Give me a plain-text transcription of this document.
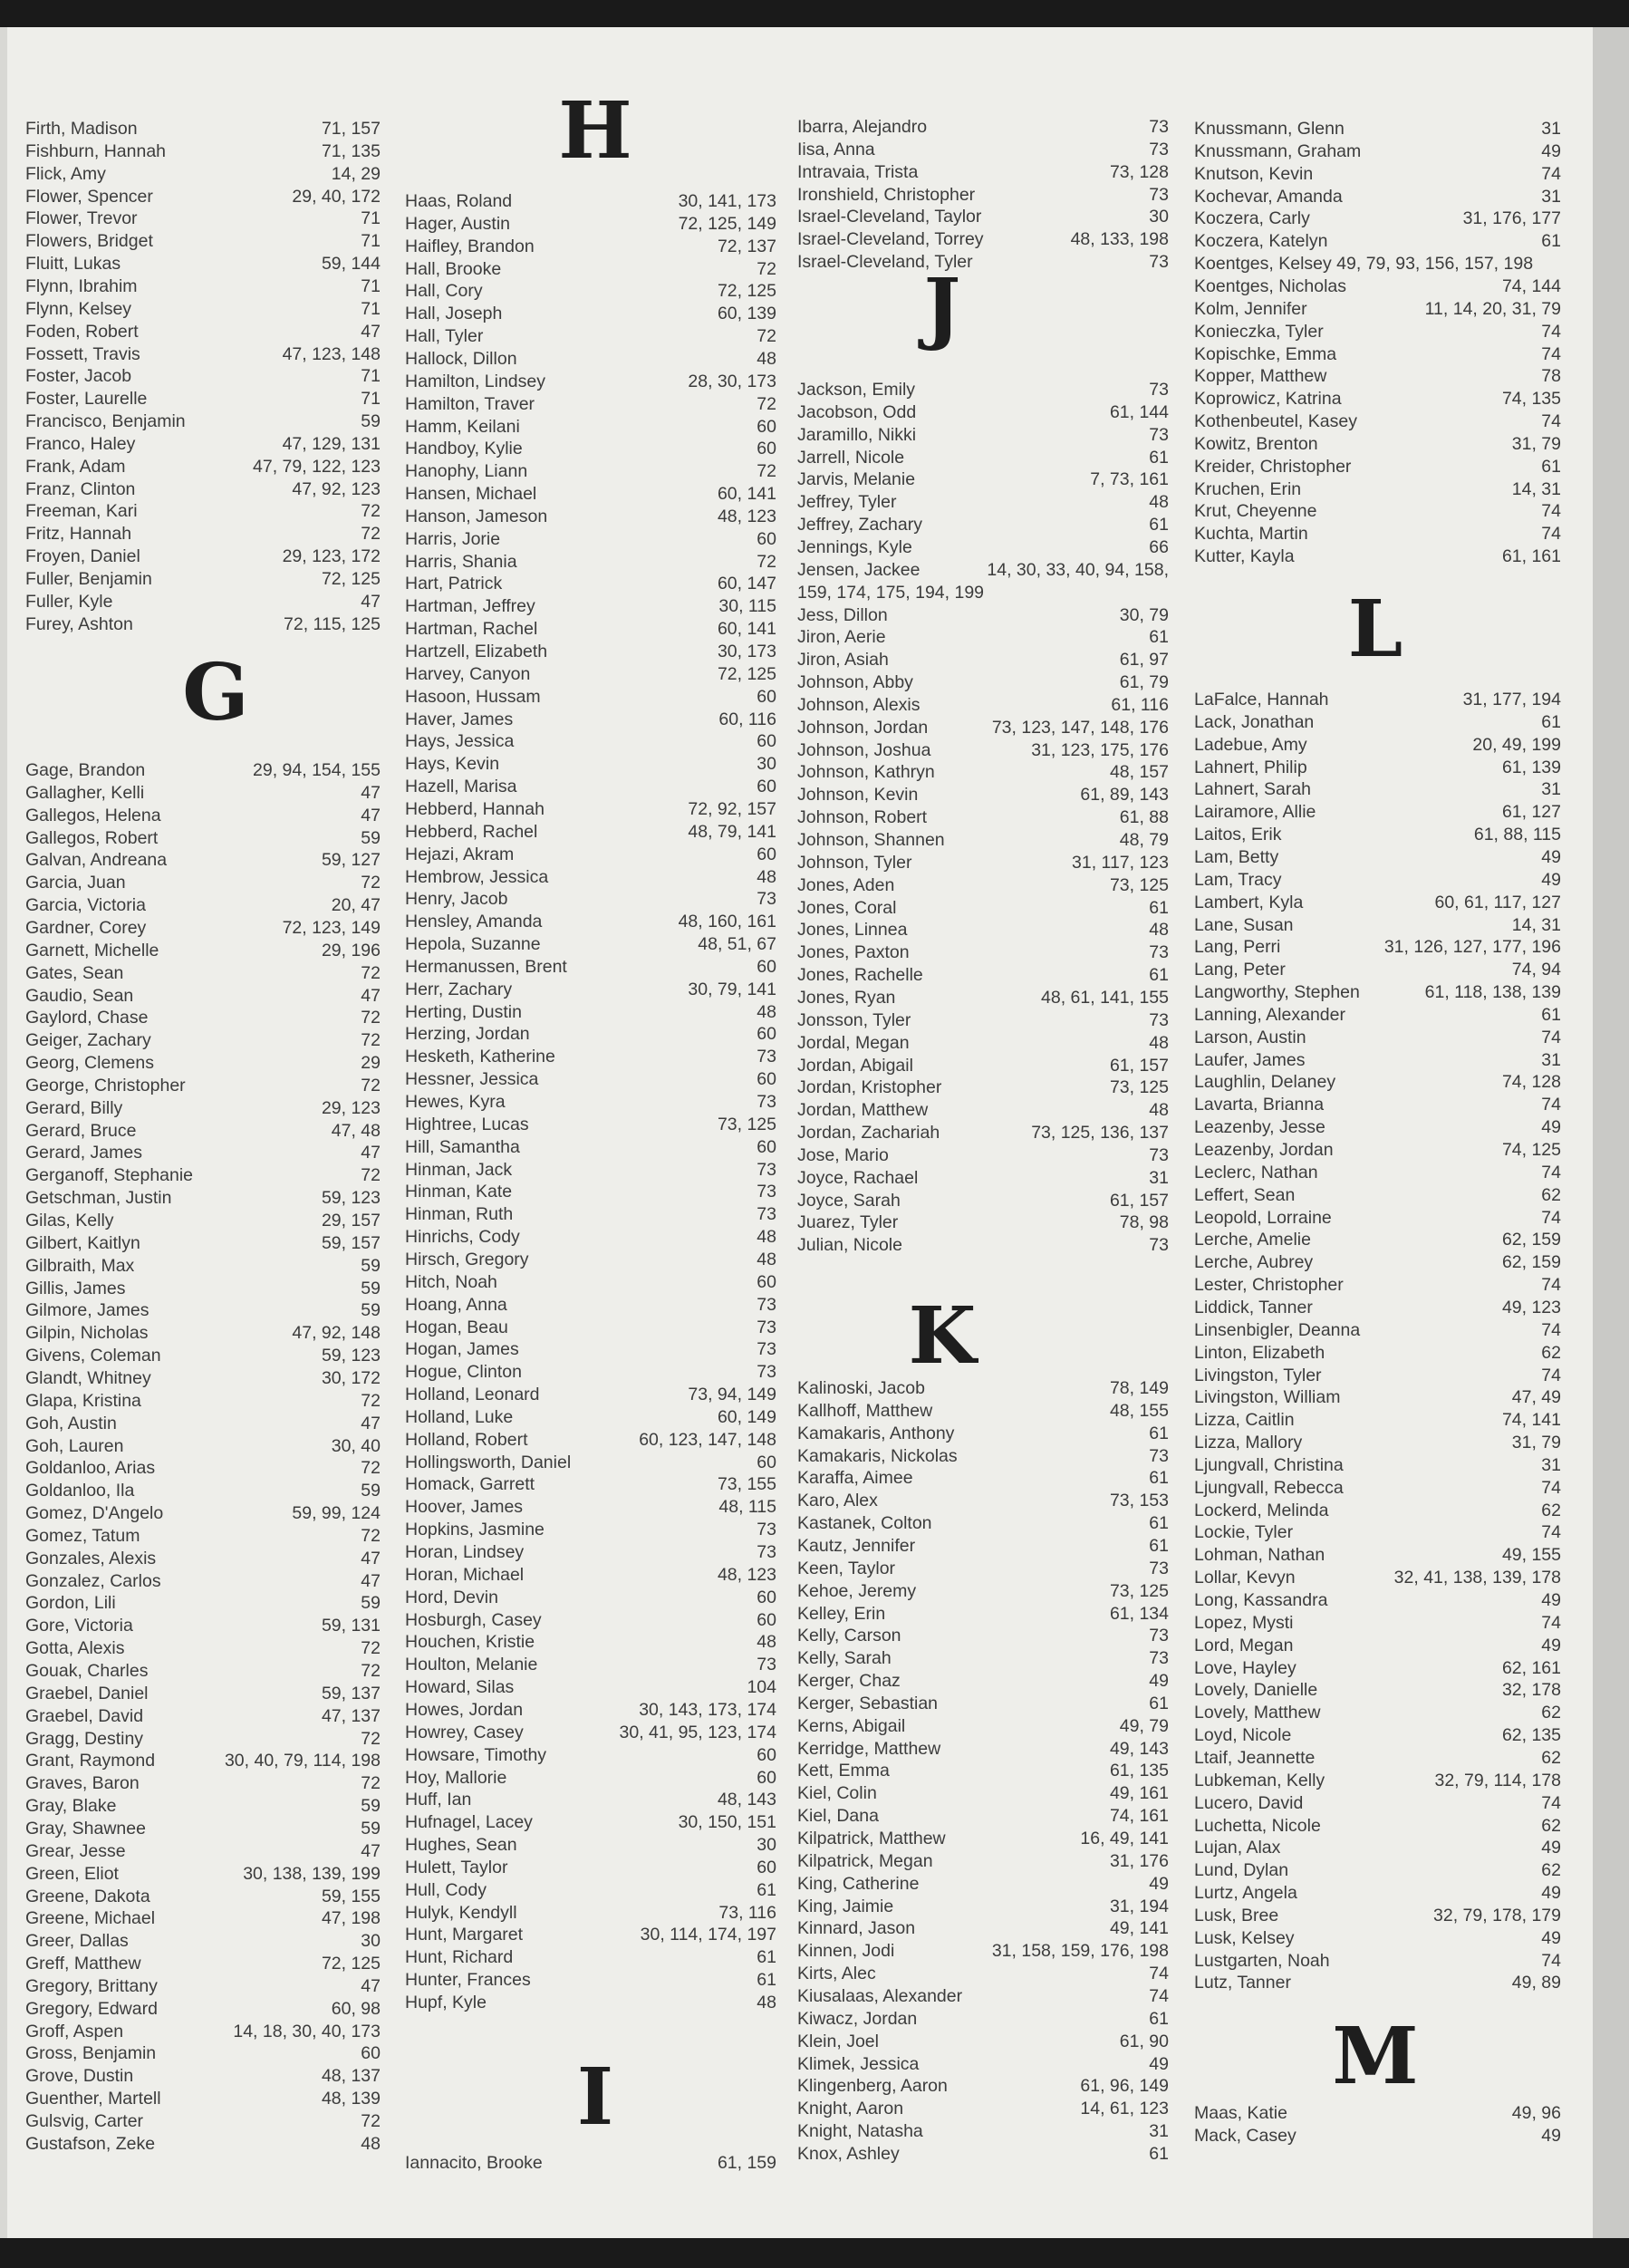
Firth, Madison	71, 157
Fishburn, Hannah	71, 135
Flick, Amy	14, 29
Flower, Spencer	29, 40, 172
Flower, Trevor	71
Flowers, Bridget	71
Fluitt, Lukas	59, 144
Flynn, Ibrahim	71
Flynn, Kelsey	71
Foden, Robert	47
Fossett, Travis	47, 123, 148
Foster, Jacob	71
Foster, Laurelle	71
Francisco, Benjamin	59
Franco, Haley	47, 129, 131
Frank, Adam	47, 79, 122, 123
Franz, Clinton	47, 92, 123
Freeman, Kari	72
Fritz, Hannah	72
Froyen, Daniel	29, 123, 172
Fuller, Benjamin	72, 125
Fuller, Kyle	47
Furey, Ashton	72, 115, 125
G
Gage, Brandon	29, 94, 154, 155
Gallagher, Kelli	47
Gallegos, Helena	47
Gallegos, Robert	59
Galvan, Andreana	59, 127
Garcia, Juan	72
Garcia, Victoria	20, 47
Gardner, Corey	72, 123, 149
Garnett, Michelle	29, 196
Gates, Sean	72
Gaudio, Sean	47
Gaylord, Chase	72
Geiger, Zachary	72
Georg, Clemens	29
George, Christopher	72
Gerard, Billy	29, 123
Gerard, Bruce	47, 48
Gerard, James	47
Gerganoff, Stephanie	72
Getschman, Justin	59, 123
Gilas, Kelly	29, 157
Gilbert, Kaitlyn	59, 157
Gilbraith, Max	59
Gillis, James	59
Gilmore, James	59
Gilpin, Nicholas	47, 92, 148
Givens, Coleman	59, 123
Glandt, Whitney	30, 172
Glapa, Kristina	72
Goh, Austin	47
Goh, Lauren	30, 40
Goldanloo, Arias	72
Goldanloo, Ila	59
Gomez, D'Angelo	59, 99, 124
Gomez, Tatum	72
Gonzales, Alexis	47
Gonzalez, Carlos	47
Gordon, Lili	59
Gore, Victoria	59, 131
Gotta, Alexis	72
Gouak, Charles	72
Graebel, Daniel	59, 137
Graebel, David	47, 137
Gragg, Destiny	72
Grant, Raymond	30, 40, 79, 114, 198
Graves, Baron	72
Gray, Blake	59
Gray, Shawnee	59
Grear, Jesse	47
Green, Eliot	30, 138, 139, 199
Greene, Dakota	59, 155
Greene, Michael	47, 198
Greer, Dallas	30
Greff, Matthew	72, 125
Gregory, Brittany	47
Gregory, Edward	60, 98
Groff, Aspen	14, 18, 30, 40, 173
Gross, Benjamin	60
Grove, Dustin	48, 137
Guenther, Martell	48, 139
Gulsvig, Carter	72
Gustafson, Zeke	48
H
Haas, Roland	30, 141, 173
Hager, Austin	72, 125, 149
Haifley, Brandon	72, 137
Hall, Brooke	72
Hall, Cory	72, 125
Hall, Joseph	60, 139
Hall, Tyler	72
Hallock, Dillon	48
Hamilton, Lindsey	28, 30, 173
Hamilton, Traver	72
Hamm, Keilani	60
Handboy, Kylie	60
Hanophy, Liann	72
Hansen, Michael	60, 141
Hanson, Jameson	48, 123
Harris, Jorie	60
Harris, Shania	72
Hart, Patrick	60, 147
Hartman, Jeffrey	30, 115
Hartman, Rachel	60, 141
Hartzell, Elizabeth	30, 173
Harvey, Canyon	72, 125
Hasoon, Hussam	60
Haver, James	60, 116
Hays, Jessica	60
Hays, Kevin	30
Hazell, Marisa	60
Hebberd, Hannah	72, 92, 157
Hebberd, Rachel	48, 79, 141
Hejazi, Akram	60
Hembrow, Jessica	48
Henry, Jacob	73
Hensley, Amanda	48, 160, 161
Hepola, Suzanne	48, 51, 67
Hermanussen, Brent	60
Herr, Zachary	30, 79, 141
Herting, Dustin	48
Herzing, Jordan	60
Hesketh, Katherine	73
Hessner, Jessica	60
Hewes, Kyra	73
Hightree, Lucas	73, 125
Hill, Samantha	60
Hinman, Jack	73
Hinman, Kate	73
Hinman, Ruth	73
Hinrichs, Cody	48
Hirsch, Gregory	48
Hitch, Noah	60
Hoang, Anna	73
Hogan, Beau	73
Hogan, James	73
Hogue, Clinton	73
Holland, Leonard	73, 94, 149
Holland, Luke	60, 149
Holland, Robert	60, 123, 147, 148
Hollingsworth, Daniel	60
Homack, Garrett	73, 155
Hoover, James	48, 115
Hopkins, Jasmine	73
Horan, Lindsey	73
Horan, Michael	48, 123
Hord, Devin	60
Hosburgh, Casey	60
Houchen, Kristie	48
Houlton, Melanie	73
Howard, Silas	104
Howes, Jordan	30, 143, 173, 174
Howrey, Casey	30, 41, 95, 123, 174
Howsare, Timothy	60
Hoy, Mallorie	60
Huff, Ian	48, 143
Hufnagel, Lacey	30, 150, 151
Hughes, Sean	30
Hulett, Taylor	60
Hull, Cody	61
Hulyk, Kendyll	73, 116
Hunt, Margaret	30, 114, 174, 197
Hunt, Richard	61
Hunter, Frances	61
Hupf, Kyle	48
I
Iannacito, Brooke	61, 159
Ibarra, Alejandro	73
Iisa, Anna	73
Intravaia, Trista	73, 128
Ironshield, Christopher	73
Israel-Cleveland, Taylor	30
Israel-Cleveland, Torrey	48, 133, 198
Israel-Cleveland, Tyler	73
J
Jackson, Emily	73
Jacobson, Odd	61, 144
Jaramillo, Nikki	73
Jarrell, Nicole	61
Jarvis, Melanie	7, 73, 161
Jeffrey, Tyler	48
Jeffrey, Zachary	61
Jennings, Kyle	66
Jensen, Jackee	14, 30, 33, 40, 94, 158,
159, 174, 175, 194, 199
Jess, Dillon	30, 79
Jiron, Aerie	61
Jiron, Asiah	61, 97
Johnson, Abby	61, 79
Johnson, Alexis	61, 116
Johnson, Jordan	73, 123, 147, 148, 176
Johnson, Joshua	31, 123, 175, 176
Johnson, Kathryn	48, 157
Johnson, Kevin	61, 89, 143
Johnson, Robert	61, 88
Johnson, Shannen	48, 79
Johnson, Tyler	31, 117, 123
Jones, Aden	73, 125
Jones, Coral	61
Jones, Linnea	48
Jones, Paxton	73
Jones, Rachelle	61
Jones, Ryan	48, 61, 141, 155
Jonsson, Tyler	73
Jordal, Megan	48
Jordan, Abigail	61, 157
Jordan, Kristopher	73, 125
Jordan, Matthew	48
Jordan, Zachariah	73, 125, 136, 137
Jose, Mario	73
Joyce, Rachael	31
Joyce, Sarah	61, 157
Juarez, Tyler	78, 98
Julian, Nicole	73
K
Kalinoski, Jacob	78, 149
Kallhoff, Matthew	48, 155
Kamakaris, Anthony	61
Kamakaris, Nickolas	73
Karaffa, Aimee	61
Karo, Alex	73, 153
Kastanek, Colton	61
Kautz, Jennifer	61
Keen, Taylor	73
Kehoe, Jeremy	73, 125
Kelley, Erin	61, 134
Kelly, Carson	73
Kelly, Sarah	73
Kerger, Chaz	49
Kerger, Sebastian	61
Kerns, Abigail	49, 79
Kerridge, Matthew	49, 143
Kett, Emma	61, 135
Kiel, Colin	49, 161
Kiel, Dana	74, 161
Kilpatrick, Matthew	16, 49, 141
Kilpatrick, Megan	31, 176
King, Catherine	49
King, Jaimie	31, 194
Kinnard, Jason	49, 141
Kinnen, Jodi	31, 158, 159, 176, 198
Kirts, Alec	74
Kiusalaas, Alexander	74
Kiwacz, Jordan	61
Klein, Joel	61, 90
Klimek, Jessica	49
Klingenberg, Aaron	61, 96, 149
Knight, Aaron	14, 61, 123
Knight, Natasha	31
Knox, Ashley	61
Knussmann, Glenn	31
Knussmann, Graham	49
Knutson, Kevin	74
Kochevar, Amanda	31
Koczera, Carly	31, 176, 177
Koczera, Katelyn	61
Koentges, Kelsey 49, 79, 93, 156, 157, 198
Koentges, Nicholas	74, 144
Kolm, Jennifer	11, 14, 20, 31, 79
Konieczka, Tyler	74
Kopischke, Emma	74
Kopper, Matthew	78
Koprowicz, Katrina	74, 135
Kothenbeutel, Kasey	74
Kowitz, Brenton	31, 79
Kreider, Christopher	61
Kruchen, Erin	14, 31
Krut, Cheyenne	74
Kuchta, Martin	74
Kutter, Kayla	61, 161
L
LaFalce, Hannah	31, 177, 194
Lack, Jonathan	61
Ladebue, Amy	20, 49, 199
Lahnert, Philip	61, 139
Lahnert, Sarah	31
Lairamore, Allie	61, 127
Laitos, Erik	61, 88, 115
Lam, Betty	49
Lam, Tracy	49
Lambert, Kyla	60, 61, 117, 127
Lane, Susan	14, 31
Lang, Perri	31, 126, 127, 177, 196
Lang, Peter	74, 94
Langworthy, Stephen	61, 118, 138, 139
Lanning, Alexander	61
Larson, Austin	74
Laufer, James	31
Laughlin, Delaney	74, 128
Lavarta, Brianna	74
Leazenby, Jesse	49
Leazenby, Jordan	74, 125
Leclerc, Nathan	74
Leffert, Sean	62
Leopold, Lorraine	74
Lerche, Amelie	62, 159
Lerche, Aubrey	62, 159
Lester, Christopher	74
Liddick, Tanner	49, 123
Linsenbigler, Deanna	74
Linton, Elizabeth	62
Livingston, Tyler	74
Livingston, William	47, 49
Lizza, Caitlin	74, 141
Lizza, Mallory	31, 79
Ljungvall, Christina	31
Ljungvall, Rebecca	74
Lockerd, Melinda	62
Lockie, Tyler	74
Lohman, Nathan	49, 155
Lollar, Kevyn	32, 41, 138, 139, 178
Long, Kassandra	49
Lopez, Mysti	74
Lord, Megan	49
Love, Hayley	62, 161
Lovely, Danielle	32, 178
Lovely, Matthew	62
Loyd, Nicole	62, 135
Ltaif, Jeannette	62
Lubkeman, Kelly	32, 79, 114, 178
Lucero, David	74
Luchetta, Nicole	62
Lujan, Alax	49
Lund, Dylan	62
Lurtz, Angela	49
Lusk, Bree	32, 79, 178, 179
Lusk, Kelsey	49
Lustgarten, Noah	74
Lutz, Tanner	49, 89
M
Maas, Katie	49, 96
Mack, Casey	49
